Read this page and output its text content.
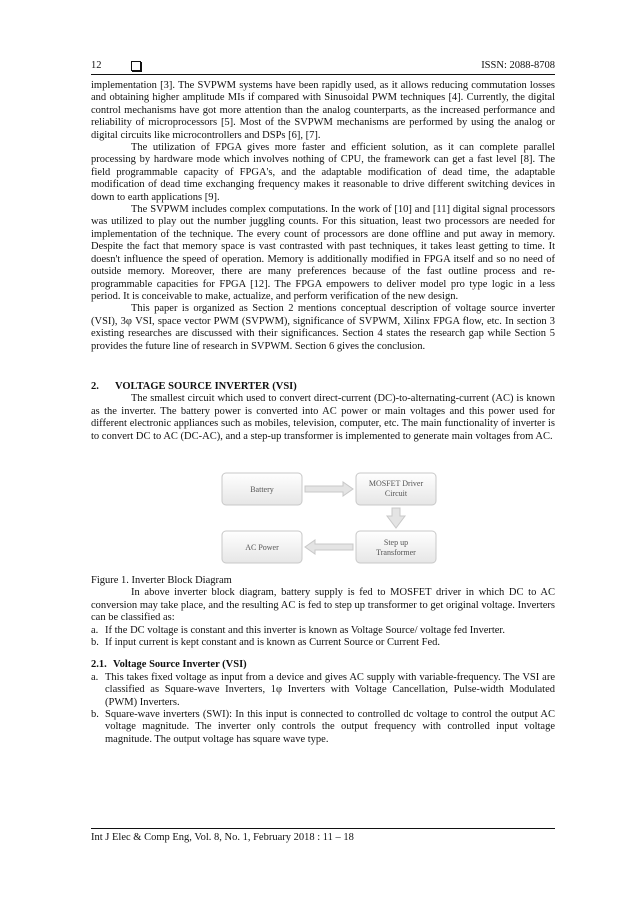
12	ISSN: 2088-8708

implementation [3]. The SVPWM systems have been rapidly used, as it allows reducing commutation losses and obtaining higher amplitude MIs if compared with Sinusoidal PWM techniques [4]. Currently, the digital control mechanisms have got more attention than the analog counterparts, as the increased performance and reliability of microprocessors [5]. Most of the SVPWM mechanisms are performed by using the analog or digital circuits like microcontrollers and DSPs [6], [7].

The utilization of FPGA gives more faster and efficient solution, as it can complete parallel processing by hardware mode which involves nothing of CPU, the framework can get a fast level [8]. The field programmable capacity of FPGA's, and the adaptable modification of dead time, the adaptable modification of dead time exchanging frequency makes it reasonable to drive different switching devices in down to earth applications [9].

The SVPWM includes complex computations. In the work of [10] and [11] digital signal processors was utilized to play out the number juggling counts. For this situation, least two processors are needed for implementation of the technique. The every count of processors are done offline and put away in memory. Despite the fact that memory space is vast contrasted with past techniques, it takes least getting to time. It doesn't influence the speed of operation. Memory is additionally modified in FPGA itself and so no need of outside memory. Moreover, there are many preferences because of the fast outline process and re-programmable capacities for FPGA [12]. The FPGA empowers to deliver model pro type logic in a less period. It is conceivable to make, actualize, and perform verification of the new design.

This paper is organized as Section 2 mentions conceptual description of voltage source inverter (VSI), 3φ VSI, space vector PWM (SVPWM), significance of SVPWM, Xilinx FPGA flow, etc. In section 3 existing researches are discussed with their significances. Section 4 states the research gap while Section 5 provides the future line of research in SVPWM. Section 6 gives the conclusion.

2. VOLTAGE SOURCE INVERTER (VSI)

The smallest circuit which used to convert direct-current (DC)-to-alternating-current (AC) is known as the inverter. The battery power is converted into AC power or main voltages and this power used for different electronic appliances such as mobiles, television, computer, etc. The main functionality of inverter is to convert DC to AC (DC-AC), and a step-up transformer is implemented to generate main voltages from AC.

Battery
MOSFET Driver
Circuit
Step up
Transformer
AC Power

Figure 1. Inverter Block Diagram

In above inverter block diagram, battery supply is fed to MOSFET driver in which DC to AC conversion may take place, and the resulting AC is fed to step up transformer to get original voltage. Inverters can be classified as:

a. If the DC voltage is constant and this inverter is known as Voltage Source/ voltage fed Inverter.
b. If input current is kept constant and is known as Current Source or Current Fed.
2.1. Voltage Source Inverter (VSI)
a. This takes fixed voltage as input from a device and gives AC supply with variable-frequency. The VSI are classified as Square-wave Inverters, 1φ Inverters with Voltage Cancellation, Pulse-width Modulated (PWM) Inverters.
b. Square-wave inverters (SWI): In this input is connected to controlled dc voltage to control the output AC voltage magnitude. The inverter only controls the output frequency with controlled input voltage magnitude. The output voltage has square wave type.
Int J Elec & Comp Eng, Vol. 8, No. 1, February 2018 : 11 – 18
